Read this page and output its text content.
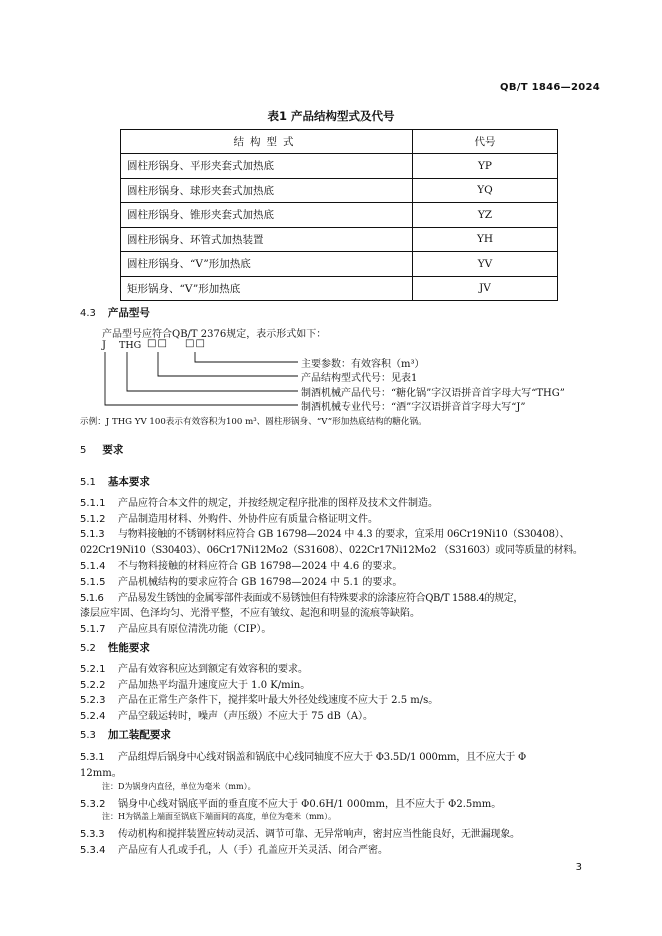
QB/T 1846—2024
表1 产品结构型式及代号
结构型式	代号
圆柱形锅身、平形夹套式加热底	YP
圆柱形锅身、球形夹套式加热底	YQ
圆柱形锅身、锥形夹套式加热底	YZ
圆柱形锅身、环管式加热装置	YH
圆柱形锅身、“V”形加热底	YV
矩形锅身、“V”形加热底	JV
4.3 产品型号
产品型号应符合QB/T 2376规定，表示形式如下：
J THG □□ □□
主要参数：有效容积（m³）
产品结构型式代号：见表1
制酒机械产品代号：“糖化锅”字汉语拼音首字母大写“THG”
制酒机械专业代号：“酒”字汉语拼音首字母大写“J”
示例：J THG YV 100表示有效容积为100 m³、圆柱形锅身、“V”形加热底结构的糖化锅。
5 要求
5.1 基本要求
5.1.1 产品应符合本文件的规定，并按经规定程序批准的图样及技术文件制造。
5.1.2 产品制造用材料、外购件、外协件应有质量合格证明文件。
5.1.3 与物料接触的不锈钢材料应符合 GB 16798—2024 中 4.3 的要求，宜采用 06Cr19Ni10（S30408）、
022Cr19Ni10（S30403）、06Cr17Ni12Mo2（S31608）、022Cr17Ni12Mo2 （S31603）或同等质量的材料。
5.1.4 不与物料接触的材料应符合 GB 16798—2024 中 4.6 的要求。
5.1.5 产品机械结构的要求应符合 GB 16798—2024 中 5.1 的要求。
5.1.6 产品易发生锈蚀的金属零部件表面或不易锈蚀但有特殊要求的涂漆应符合QB/T 1588.4的规定，
漆层应牢固、色泽均匀、光滑平整，不应有皱纹、起泡和明显的流痕等缺陷。
5.1.7 产品应具有原位清洗功能（CIP）。
5.2 性能要求
5.2.1 产品有效容积应达到额定有效容积的要求。
5.2.2 产品加热平均温升速度应大于 1.0 K/min。
5.2.3 产品在正常生产条件下，搅拌桨叶最大外径处线速度不应大于 2.5 m/s。
5.2.4 产品空载运转时，噪声（声压级）不应大于 75 dB（A）。
5.3 加工装配要求
5.3.1 产品组焊后锅身中心线对锅盖和锅底中心线同轴度不应大于 Φ3.5D/1 000mm，且不应大于 Φ
12mm。
注：D为锅身内直径，单位为毫米（mm）。
5.3.2 锅身中心线对锅底平面的垂直度不应大于 Φ0.6H/1 000mm，且不应大于 Φ2.5mm。
注：H为锅盖上端面至锅底下端面间的高度，单位为毫米（mm）。
5.3.3 传动机构和搅拌装置应转动灵活、调节可靠、无异常响声，密封应当性能良好，无泄漏现象。
5.3.4 产品应有人孔或手孔，人（手）孔盖应开关灵活、闭合严密。
3
